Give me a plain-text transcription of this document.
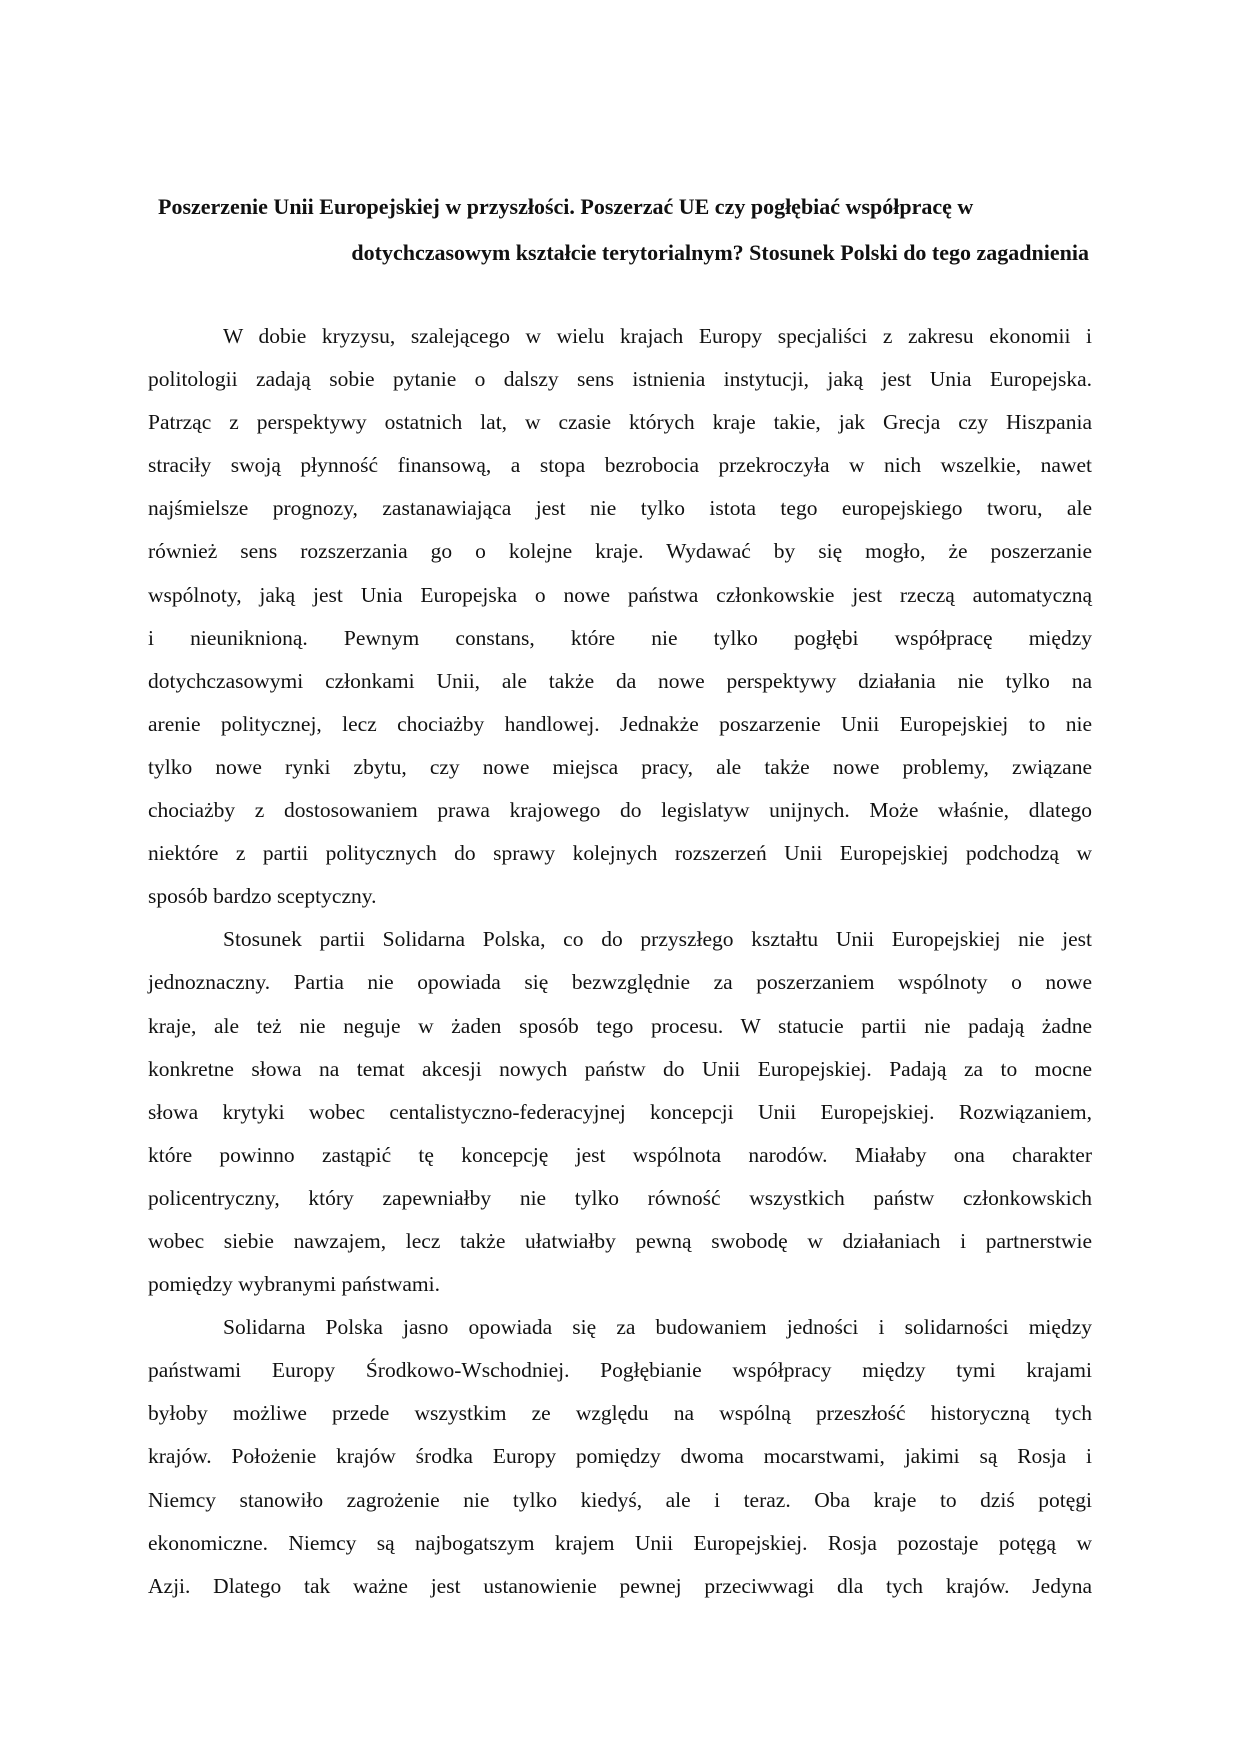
Poszerzenie Unii Europejskiej w przyszłości. Poszerzać UE czy pogłębiać współpracę w
dotychczasowym kształcie terytorialnym? Stosunek Polski do tego zagadnienia
W dobie kryzysu, szalejącego w wielu krajach Europy specjaliści z zakresu ekonomii i
politologii zadają sobie pytanie o dalszy sens istnienia instytucji, jaką jest Unia Europejska.
Patrząc z perspektywy ostatnich lat, w czasie których kraje takie, jak Grecja czy Hiszpania
straciły swoją płynność finansową, a stopa bezrobocia przekroczyła w nich wszelkie, nawet
najśmielsze prognozy, zastanawiająca jest nie tylko istota tego europejskiego tworu, ale
również sens rozszerzania go o kolejne kraje. Wydawać by się mogło, że poszerzanie
wspólnoty, jaką jest Unia Europejska o nowe państwa członkowskie jest rzeczą automatyczną
i nieuniknioną. Pewnym constans, które nie tylko pogłębi współpracę między
dotychczasowymi członkami Unii, ale także da nowe perspektywy działania nie tylko na
arenie politycznej, lecz chociażby handlowej. Jednakże poszarzenie Unii Europejskiej to nie
tylko nowe rynki zbytu, czy nowe miejsca pracy, ale także nowe problemy, związane
chociażby z dostosowaniem prawa krajowego do legislatyw unijnych. Może właśnie, dlatego
niektóre z partii politycznych do sprawy kolejnych rozszerzeń Unii Europejskiej podchodzą w
sposób bardzo sceptyczny.
Stosunek partii Solidarna Polska, co do przyszłego kształtu Unii Europejskiej nie jest
jednoznaczny. Partia nie opowiada się bezwzględnie za poszerzaniem wspólnoty o nowe
kraje, ale też nie neguje w żaden sposób tego procesu. W statucie partii nie padają żadne
konkretne słowa na temat akcesji nowych państw do Unii Europejskiej. Padają za to mocne
słowa krytyki wobec centalistyczno-federacyjnej koncepcji Unii Europejskiej. Rozwiązaniem,
które powinno zastąpić tę koncepcję jest wspólnota narodów. Miałaby ona charakter
policentryczny, który zapewniałby nie tylko równość wszystkich państw członkowskich
wobec siebie nawzajem, lecz także ułatwiałby pewną swobodę w działaniach i partnerstwie
pomiędzy wybranymi państwami.
Solidarna Polska jasno opowiada się za budowaniem jedności i solidarności między
państwami Europy Środkowo-Wschodniej. Pogłębianie współpracy między tymi krajami
byłoby możliwe przede wszystkim ze względu na wspólną przeszłość historyczną tych
krajów. Położenie krajów środka Europy pomiędzy dwoma mocarstwami, jakimi są Rosja i
Niemcy stanowiło zagrożenie nie tylko kiedyś, ale i teraz. Oba kraje to dziś potęgi
ekonomiczne. Niemcy są najbogatszym krajem Unii Europejskiej. Rosja pozostaje potęgą w
Azji. Dlatego tak ważne jest ustanowienie pewnej przeciwwagi dla tych krajów. Jedyna
